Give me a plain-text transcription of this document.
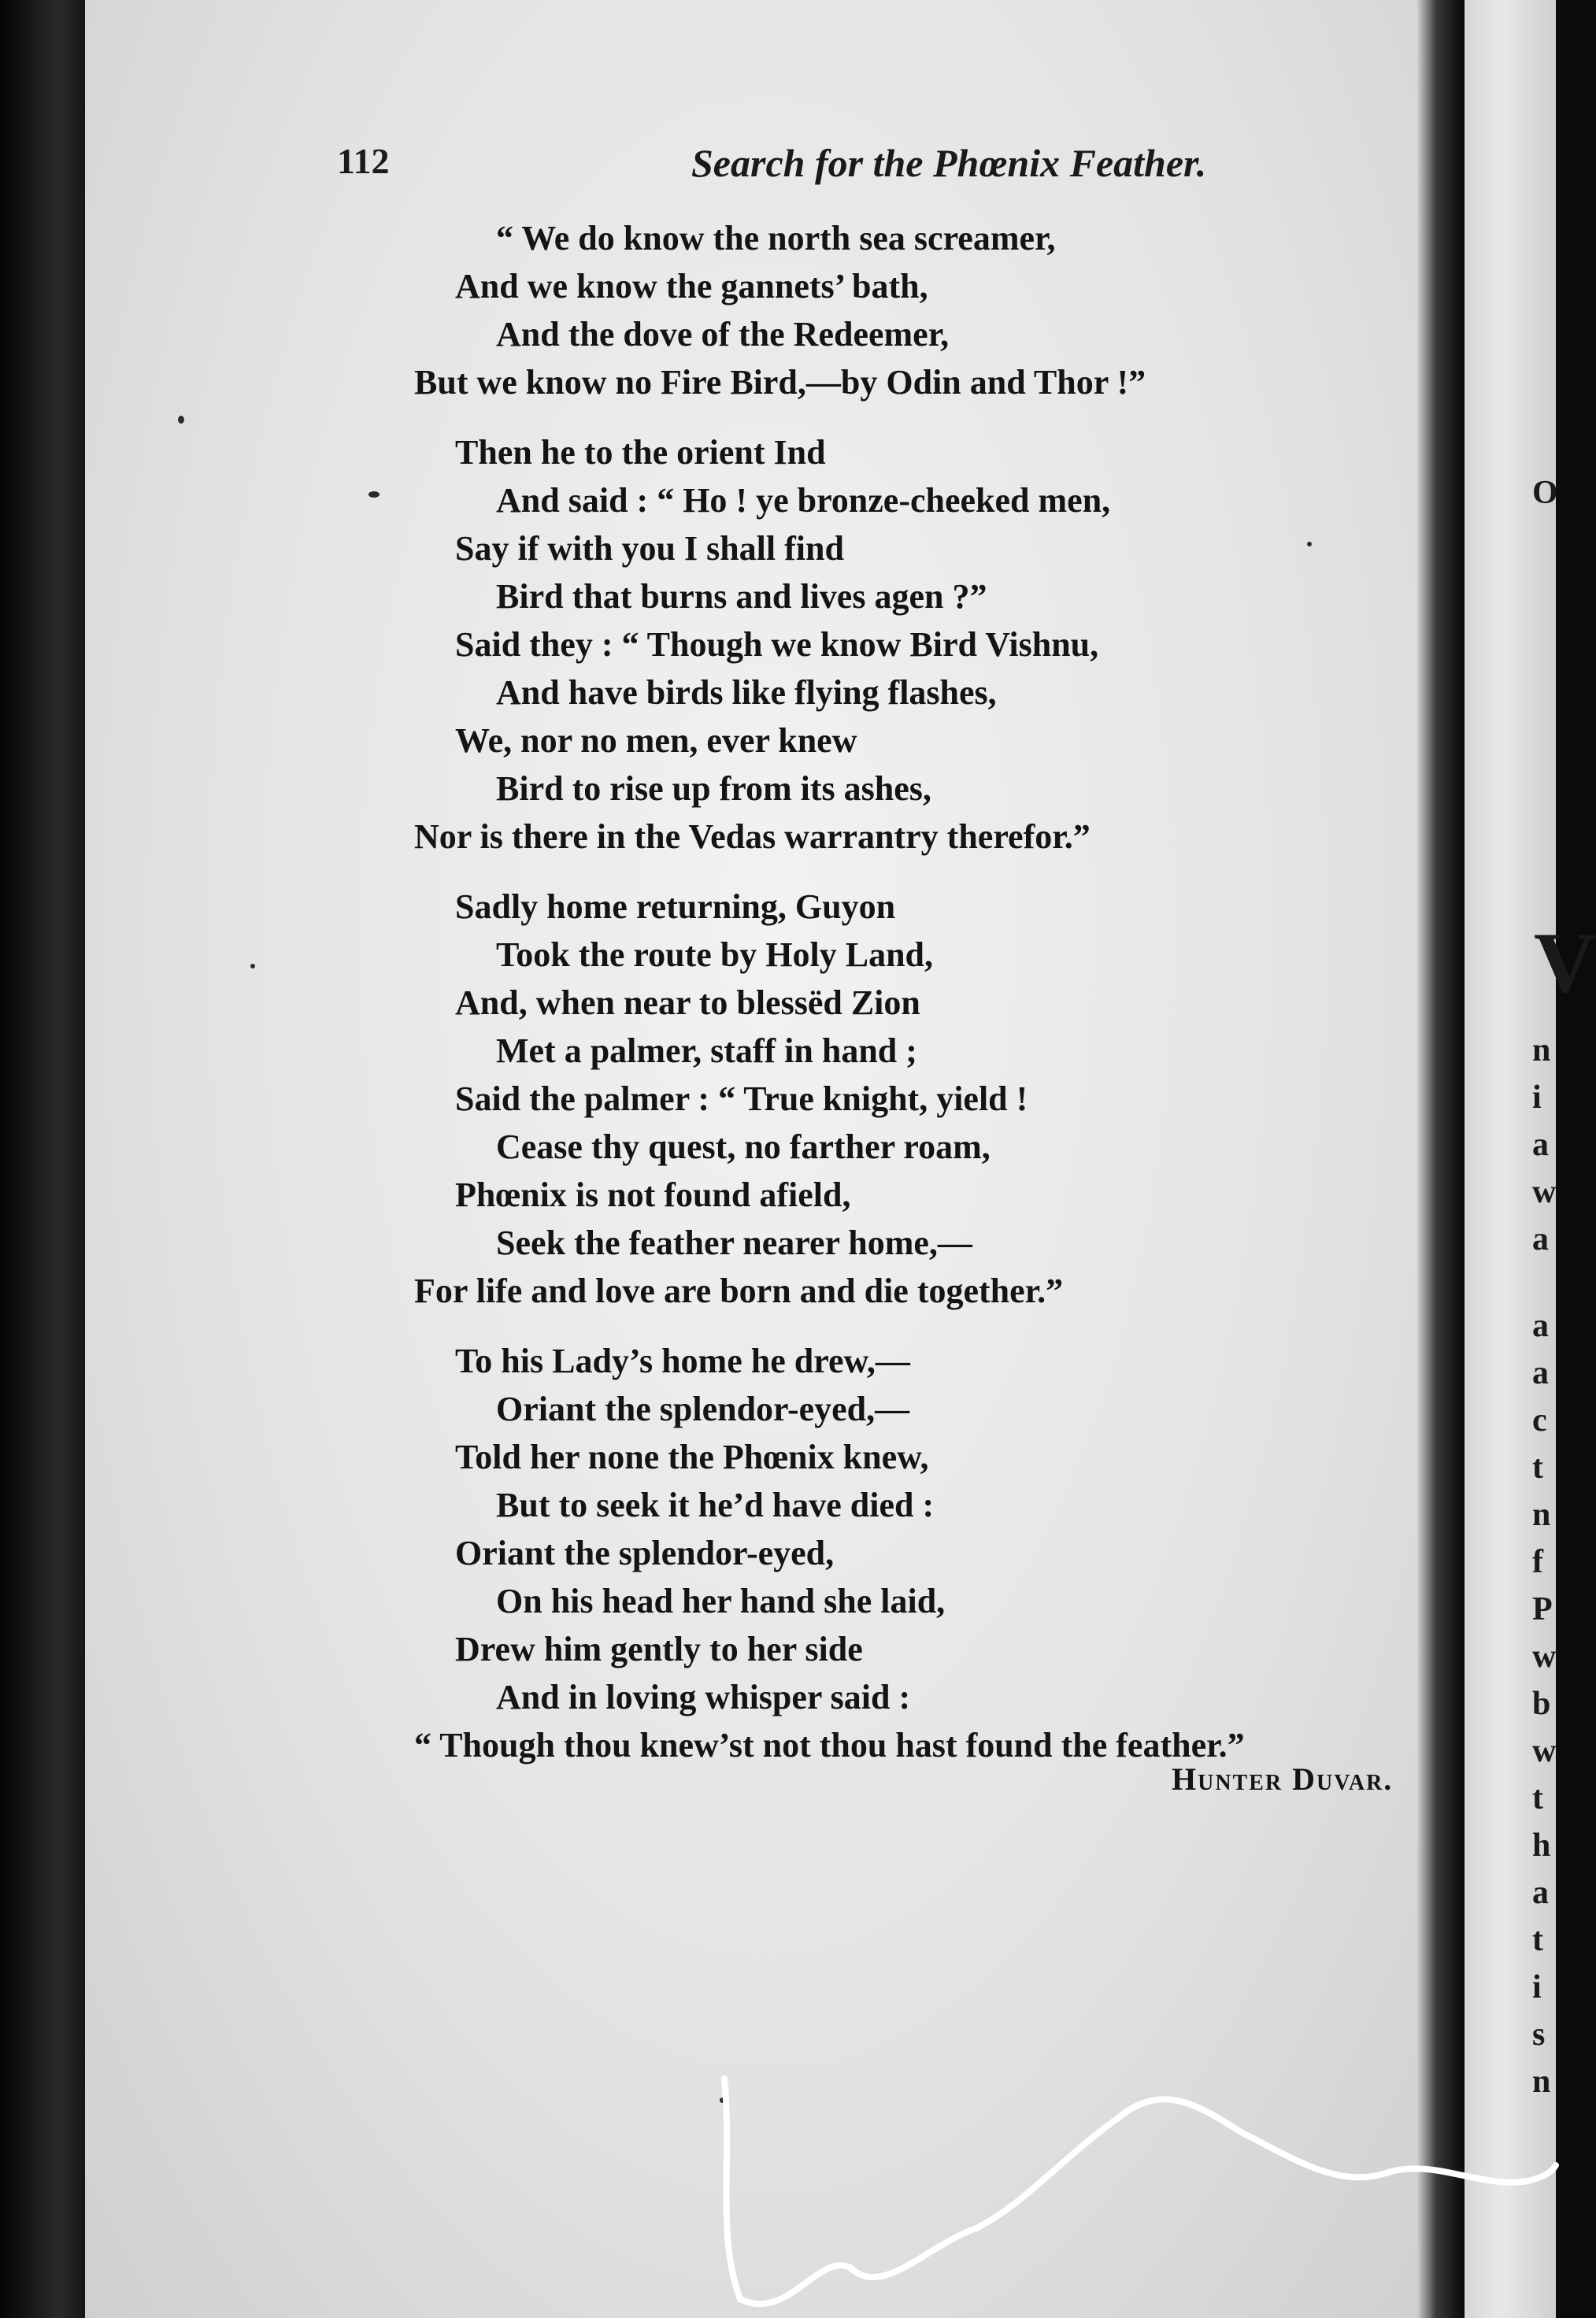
112	Search for the Phœnix Feather.
“ We do know the north sea screamer,
And we know the gannets’ bath,
And the dove of the Redeemer,
But we know no Fire Bird,—by Odin and Thor !”
Then he to the orient Ind
And said : “ Ho ! ye bronze-cheeked men,
Say if with you I shall find
Bird that burns and lives agen ?”
Said they : “ Though we know Bird Vishnu,
And have birds like flying flashes,
We, nor no men, ever knew
Bird to rise up from its ashes,
Nor is there in the Vedas warrantry therefor.”
Sadly home returning, Guyon
Took the route by Holy Land,
And, when near to blessëd Zion
Met a palmer, staff in hand ;
Said the palmer : “ True knight, yield !
Cease thy quest, no farther roam,
Phœnix is not found afield,
Seek the feather nearer home,—
For life and love are born and die together.”
To his Lady’s home he drew,—
Oriant the splendor-eyed,—
Told her none the Phœnix knew,
But to seek it he’d have died :
Oriant the splendor-eyed,
On his head her hand she laid,
Drew him gently to her side
And in loving whisper said :
“ Though thou knew’st not thou hast found the feather.”
Hunter Duvar.
O
V
n
i
a
w
a
a
a
c
t
n
f
P
w
b
w
t
h
a
t
i
s
n
